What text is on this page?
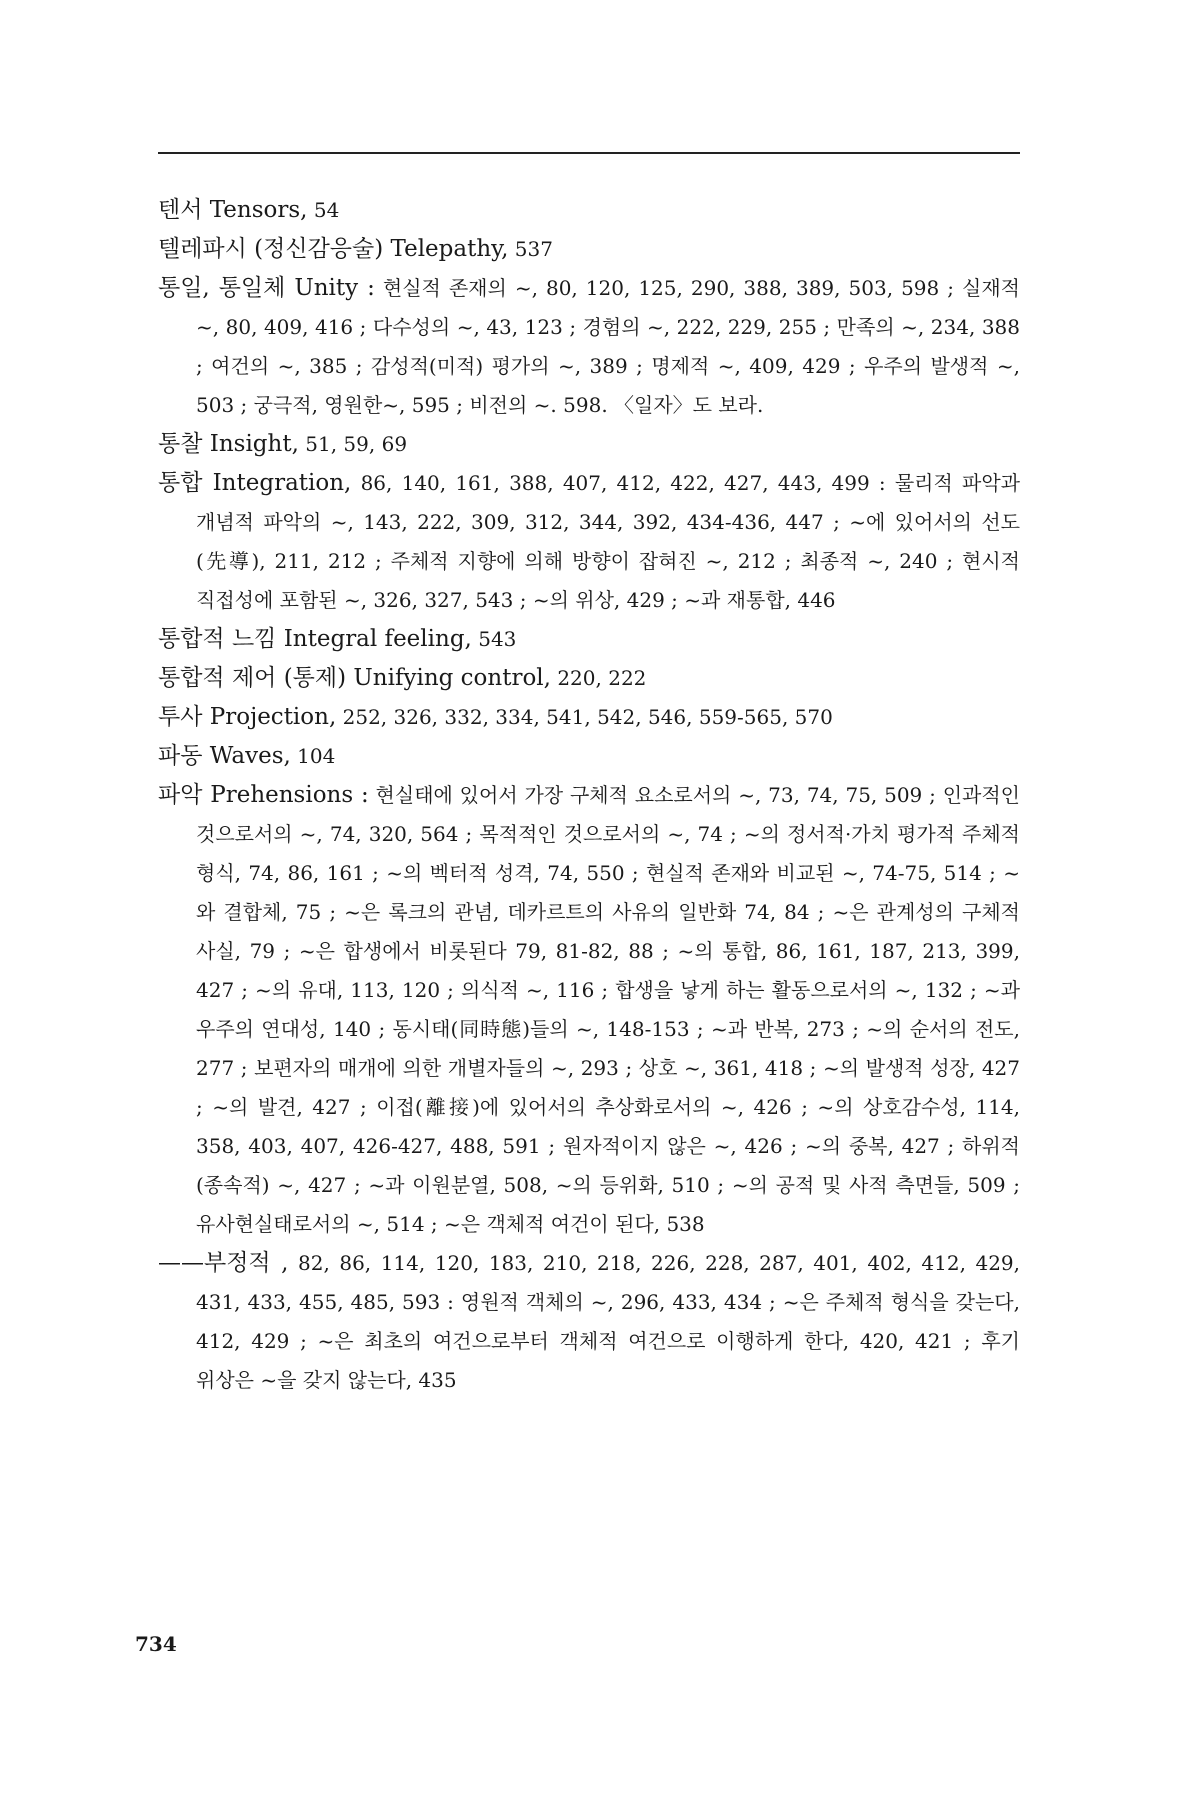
텐서 Tensors, 54

텔레파시 (정신감응술) Telepathy, 537

통일, 통일체 Unity : 현실적 존재의 ~, 80, 120, 125, 290, 388, 389, 503, 598 ; 실재적 ~, 80, 409, 416 ; 다수성의 ~, 43, 123 ; 경험의 ~, 222, 229, 255 ; 만족의 ~, 234, 388 ; 여건의 ~, 385 ; 감성적(미적) 평가의 ~, 389 ; 명제적 ~, 409, 429 ; 우주의 발생적 ~, 503 ; 궁극적, 영원한~, 595 ; 비전의 ~. 598. 〈일자〉도 보라.

통찰 Insight, 51, 59, 69

통합 Integration, 86, 140, 161, 388, 407, 412, 422, 427, 443, 499 : 물리적 파악과 개념적 파악의 ~, 143, 222, 309, 312, 344, 392, 434-436, 447 ; ~에 있어서의 선도(先導), 211, 212 ; 주체적 지향에 의해 방향이 잡혀진 ~, 212 ; 최종적 ~, 240 ; 현시적 직접성에 포함된 ~, 326, 327, 543 ; ~의 위상, 429 ; ~과 재통합, 446

통합적 느낌 Integral feeling, 543

통합적 제어 (통제) Unifying control, 220, 222

투사 Projection, 252, 326, 332, 334, 541, 542, 546, 559-565, 570

파동 Waves, 104

파악 Prehensions : 현실태에 있어서 가장 구체적 요소로서의 ~, 73, 74, 75, 509 ; 인과적인 것으로서의 ~, 74, 320, 564 ; 목적적인 것으로서의 ~, 74 ; ~의 정서적·가치 평가적 주체적 형식, 74, 86, 161 ; ~의 벡터적 성격, 74, 550 ; 현실적 존재와 비교된 ~, 74-75, 514 ; ~와 결합체, 75 ; ~은 록크의 관념, 데카르트의 사유의 일반화 74, 84 ; ~은 관계성의 구체적 사실, 79 ; ~은 합생에서 비롯된다 79, 81-82, 88 ; ~의 통합, 86, 161, 187, 213, 399, 427 ; ~의 유대, 113, 120 ; 의식적 ~, 116 ; 합생을 낳게 하는 활동으로서의 ~, 132 ; ~과 우주의 연대성, 140 ; 동시태(同時態)들의 ~, 148-153 ; ~과 반복, 273 ; ~의 순서의 전도, 277 ; 보편자의 매개에 의한 개별자들의 ~, 293 ; 상호 ~, 361, 418 ; ~의 발생적 성장, 427 ; ~의 발견, 427 ; 이접(離接)에 있어서의 추상화로서의 ~, 426 ; ~의 상호감수성, 114, 358, 403, 407, 426-427, 488, 591 ; 원자적이지 않은 ~, 426 ; ~의 중복, 427 ; 하위적(종속적) ~, 427 ; ~과 이원분열, 508, ~의 등위화, 510 ; ~의 공적 및 사적 측면들, 509 ; 유사현실태로서의 ~, 514 ; ~은 객체적 여건이 된다, 538

——부정적 , 82, 86, 114, 120, 183, 210, 218, 226, 228, 287, 401, 402, 412, 429, 431, 433, 455, 485, 593 : 영원적 객체의 ~, 296, 433, 434 ; ~은 주체적 형식을 갖는다, 412, 429 ; ~은 최초의 여건으로부터 객체적 여건으로 이행하게 한다, 420, 421 ; 후기 위상은 ~을 갖지 않는다, 435

734
